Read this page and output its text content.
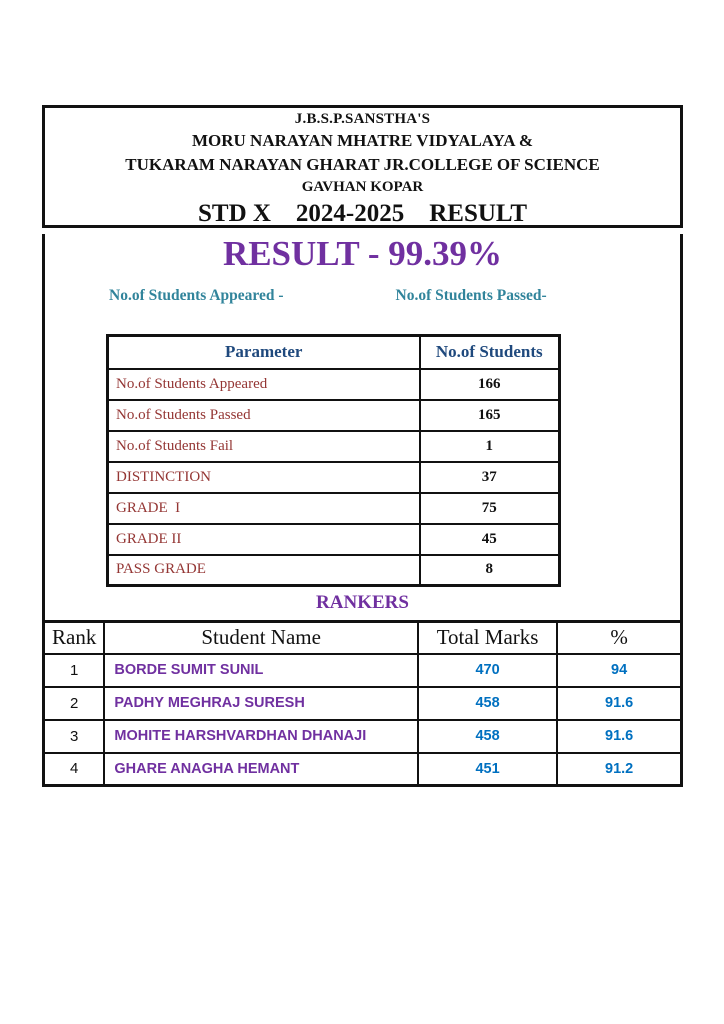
J.B.S.P.SANSTHA'S
MORU NARAYAN MHATRE VIDYALAYA &
TUKARAM NARAYAN GHARAT JR.COLLEGE OF SCIENCE
GAVHAN KOPAR
STD X    2024-2025    RESULT
RESULT - 99.39%
No.of Students Appeared -	No.of Students Passed-
Parameter	No.of Students
No.of Students Appeared	166
No.of Students Passed	165
No.of Students Fail	1
DISTINCTION	37
GRADE  I	75
GRADE II	45
PASS GRADE	8
RANKERS
Rank	Student Name	Total Marks	%
1	BORDE SUMIT SUNIL	470	94
2	PADHY MEGHRAJ SURESH	458	91.6
3	MOHITE HARSHVARDHAN DHANAJI	458	91.6
4	GHARE ANAGHA HEMANT	451	91.2
